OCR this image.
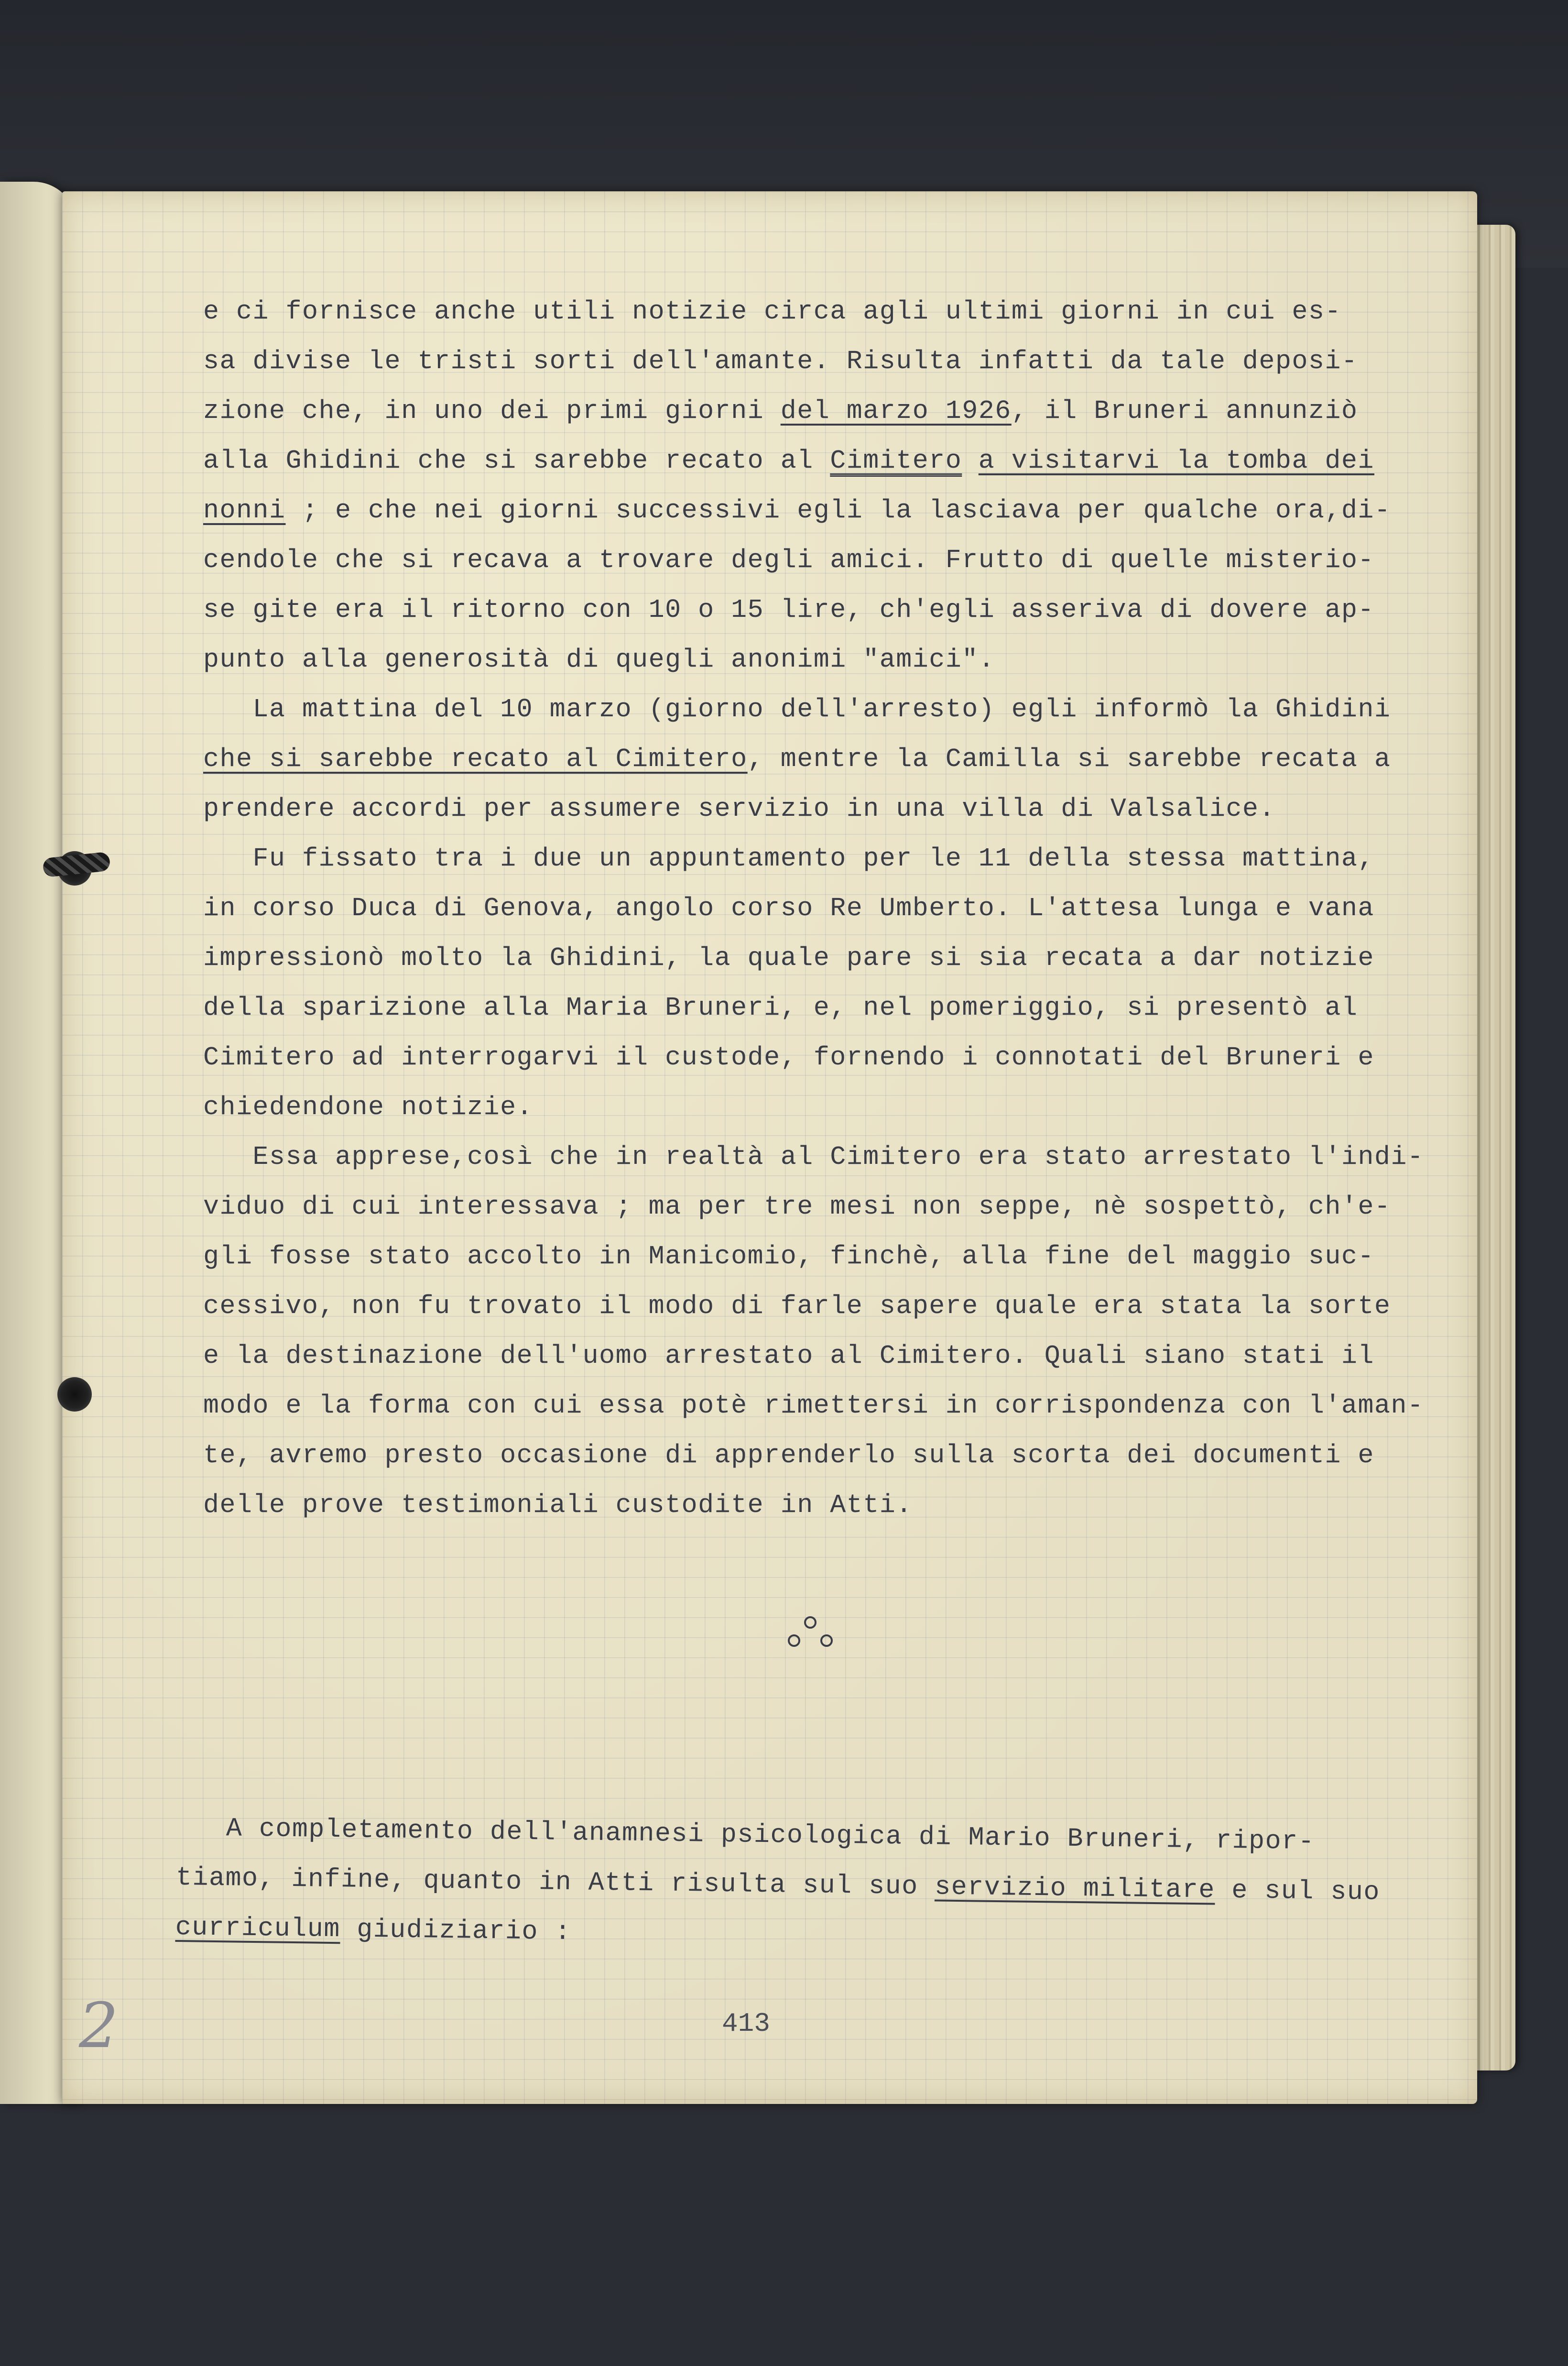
e ci fornisce anche utili notizie circa agli ultimi giorni in cui es-
sa divise le tristi sorti dell'amante. Risulta infatti da tale deposi-
zione che, in uno dei primi giorni del marzo 1926, il Bruneri annunziò
alla Ghidini che si sarebbe recato al Cimitero a visitarvi la tomba dei
nonni ; e che nei giorni successivi egli la lasciava per qualche ora,di-
cendole che si recava a trovare degli amici. Frutto di quelle misterio-
se gite era il ritorno con 10 o 15 lire, ch'egli asseriva di dovere ap-
punto alla generosità di quegli anonimi "amici".
La mattina del 10 marzo (giorno dell'arresto) egli informò la Ghidini
che si sarebbe recato al Cimitero, mentre la Camilla si sarebbe recata a
prendere accordi per assumere servizio in una villa di Valsalice.
Fu fissato tra i due un appuntamento per le 11 della stessa mattina,
in corso Duca di Genova, angolo corso Re Umberto. L'attesa lunga e vana
impressionò molto la Ghidini, la quale pare si sia recata a dar notizie
della sparizione alla Maria Bruneri, e, nel pomeriggio, si presentò al
Cimitero ad interrogarvi il custode, fornendo i connotati del Bruneri e
chiedendone notizie.
Essa apprese,così che in realtà al Cimitero era stato arrestato l'indi-
viduo di cui interessava ; ma per tre mesi non seppe, nè sospettò, ch'e-
gli fosse stato accolto in Manicomio, finchè, alla fine del maggio suc-
cessivo, non fu trovato il modo di farle sapere quale era stata la sorte
e la destinazione dell'uomo arrestato al Cimitero. Quali siano stati il
modo e la forma con cui essa potè rimettersi in corrispondenza con l'aman-
te, avremo presto occasione di apprenderlo sulla scorta dei documenti e
delle prove testimoniali custodite in Atti.
A completamento dell'anamnesi psicologica di Mario Bruneri, ripor-
tiamo, infine, quanto in Atti risulta sul suo servizio militare e sul suo
curriculum giudiziario :
413
2
